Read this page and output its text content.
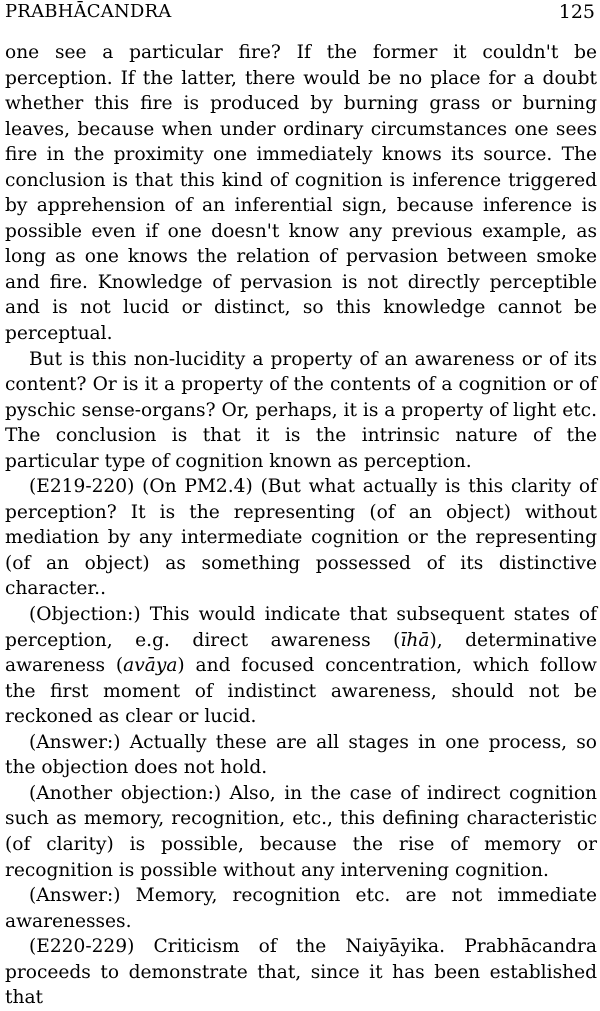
PRABHĀCANDRA	125

one see a particular fire? If the former it couldn't be perception. If the latter, there would be no place for a doubt whether this fire is produced by burning grass or burning leaves, because when under ordinary circumstances one sees fire in the proximity one immediately knows its source. The conclusion is that this kind of cognition is inference triggered by apprehension of an inferential sign, because inference is possible even if one doesn't know any previous example, as long as one knows the relation of pervasion between smoke and fire. Knowledge of pervasion is not directly perceptible and is not lucid or distinct, so this knowledge cannot be perceptual.

But is this non-lucidity a property of an awareness or of its content? Or is it a property of the contents of a cognition or of pyschic sense-organs? Or, perhaps, it is a property of light etc. The conclusion is that it is the intrinsic nature of the particular type of cognition known as perception.

(E219-220) (On PM2.4) (But what actually is this clarity of perception? It is the representing (of an object) without mediation by any intermediate cognition or the representing (of an object) as something possessed of its distinctive character..

(Objection:) This would indicate that subsequent states of perception, e.g. direct awareness (īhā), determinative awareness (avāya) and focused concentration, which follow the first moment of indistinct awareness, should not be reckoned as clear or lucid.

(Answer:) Actually these are all stages in one process, so the objection does not hold.

(Another objection:) Also, in the case of indirect cognition such as memory, recognition, etc., this defining characteristic (of clarity) is possible, because the rise of memory or recognition is possible without any intervening cognition.

(Answer:) Memory, recognition etc. are not immediate awarenesses.

(E220-229) Criticism of the Naiyāyika. Prabhācandra proceeds to demonstrate that, since it has been established that
